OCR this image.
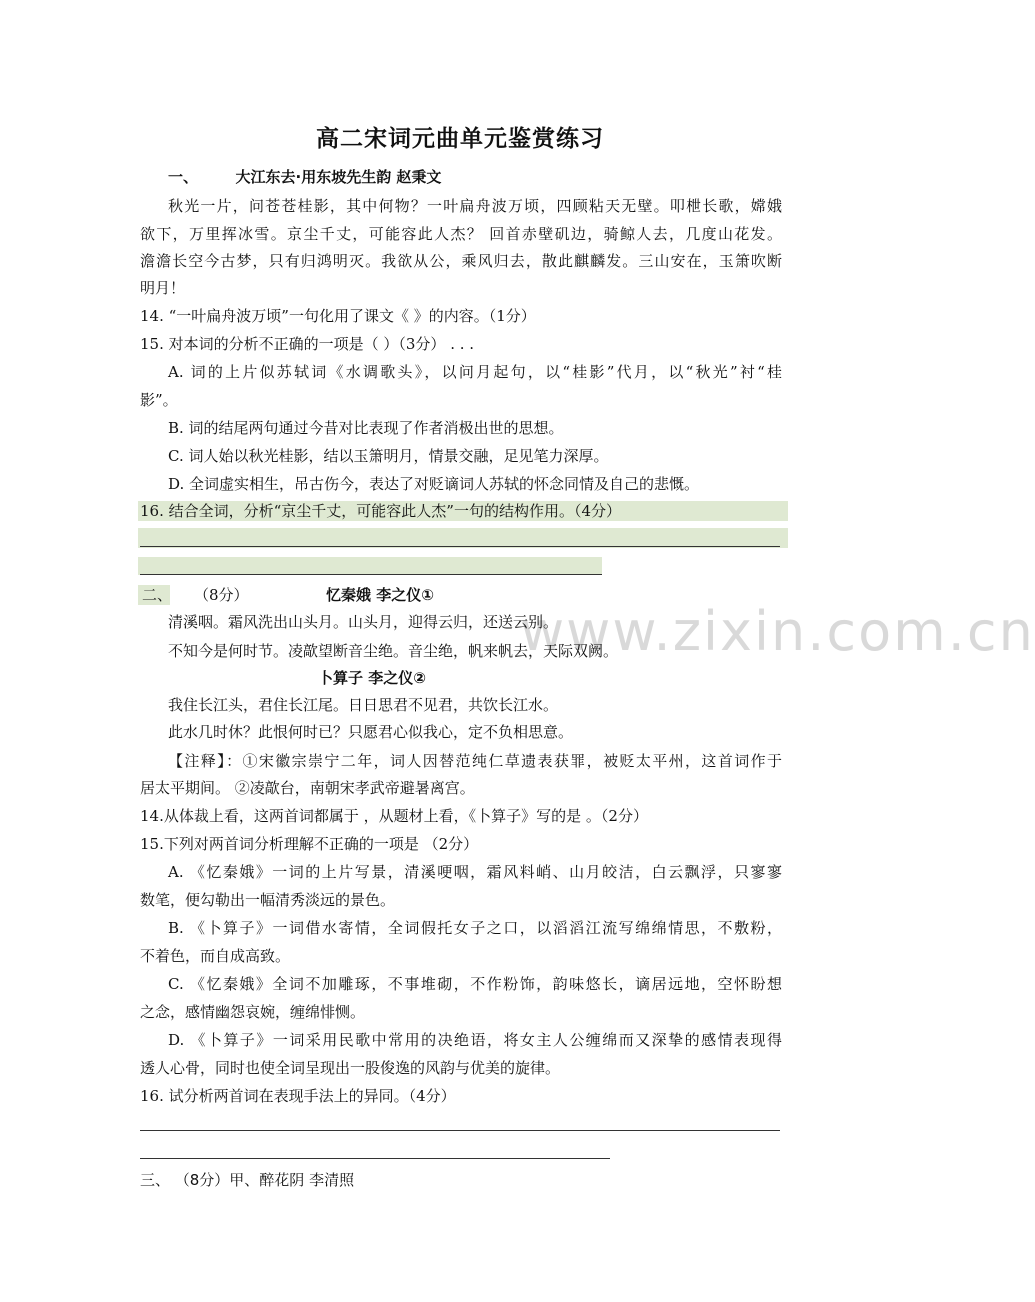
www.zixin.com.cn
高二宋词元曲单元鉴赏练习
一、　　　大江东去·用东坡先生韵 赵秉文
秋光一片，问苍苍桂影，其中何物？一叶扁舟波万顷，四顾粘天无壁。叩枻长歌，嫦娥
欲下，万里挥冰雪。京尘千丈，可能容此人杰？ 回首赤壁矶边，骑鲸人去，几度山花发。
澹澹长空今古梦，只有归鸿明灭。我欲从公，乘风归去，散此麒麟发。三山安在，玉箫吹断
明月！
14. “一叶扁舟波万顷”一句化用了课文《 》的内容。（1分）
15. 对本词的分析不正确的一项是（ ）（3分） . . .
A. 词的上片似苏轼词《水调歌头》，以问月起句，以“桂影”代月，以“秋光”衬“桂
影”。
B. 词的结尾两句通过今昔对比表现了作者消极出世的思想。
C. 词人始以秋光桂影，结以玉箫明月，情景交融，足见笔力深厚。
D. 全词虚实相生，吊古伤今，表达了对贬谪词人苏轼的怀念同情及自己的悲慨。
16. 结合全词，分析“京尘千丈，可能容此人杰”一句的结构作用。（4分）
二、	（8分）	忆秦娥 李之仪①
清溪咽。霜风洗出山头月。山头月，迎得云归，还送云别。
不知今是何时节。凌歊望断音尘绝。音尘绝，帆来帆去，天际双阙。
卜算子 李之仪②
我住长江头，君住长江尾。日日思君不见君，共饮长江水。
此水几时休？此恨何时已？只愿君心似我心，定不负相思意。
【注释】：①宋徽宗崇宁二年，词人因替范纯仁草遗表获罪，被贬太平州，这首词作于
居太平期间。 ②凌歊台，南朝宋孝武帝避暑离宫。
14.从体裁上看，这两首词都属于 ，从题材上看，《卜算子》写的是 。（2分）
15.下列对两首词分析理解不正确的一项是 （2分）
A. 《忆秦娥》一词的上片写景，清溪哽咽，霜风料峭、山月皎洁，白云飘浮，只寥寥
数笔，便勾勒出一幅清秀淡远的景色。
B. 《卜算子》一词借水寄情，全词假托女子之口，以滔滔江流写绵绵情思，不敷粉，
不着色，而自成高致。
C. 《忆秦娥》全词不加雕琢，不事堆砌，不作粉饰，韵味悠长，谪居远地，空怀盼想
之念，感情幽怨哀婉，缠绵悱恻。
D. 《卜算子》一词采用民歌中常用的决绝语，将女主人公缠绵而又深挚的感情表现得
透人心骨，同时也使全词呈现出一股俊逸的风韵与优美的旋律。
16. 试分析两首词在表现手法上的异同。（4分）
三、 （8分）甲、醉花阴 李清照
